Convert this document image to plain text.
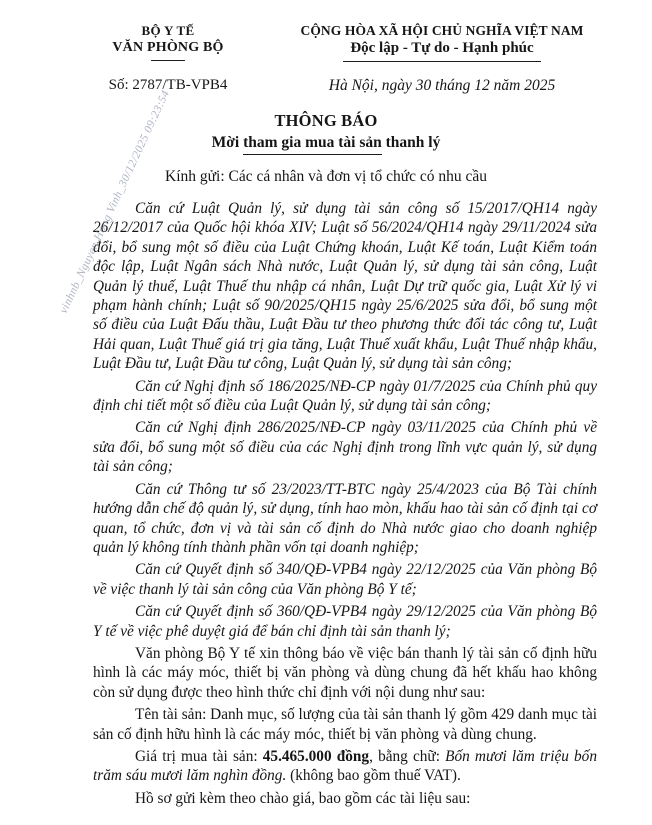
vinhnb_Nguyen Hong Vinh_30/12/2025 09:23:54
BỘ Y TẾ
VĂN PHÒNG BỘ
Số: 2787/TB-VPB4
CỘNG HÒA XÃ HỘI CHỦ NGHĨA VIỆT NAM
Độc lập - Tự do - Hạnh phúc
Hà Nội, ngày 30 tháng 12 năm 2025
THÔNG BÁO
Mời tham gia mua tài sản thanh lý
Kính gửi: Các cá nhân và đơn vị tổ chức có nhu cầu

Căn cứ Luật Quản lý, sử dụng tài sản công số 15/2017/QH14 ngày 26/12/2017 của Quốc hội khóa XIV; Luật số 56/2024/QH14 ngày 29/11/2024 sửa đổi, bổ sung một số điều của Luật Chứng khoán, Luật Kế toán, Luật Kiểm toán độc lập, Luật Ngân sách Nhà nước, Luật Quản lý, sử dụng tài sản công, Luật Quản lý thuế, Luật Thuế thu nhập cá nhân, Luật Dự trữ quốc gia, Luật Xử lý vi phạm hành chính; Luật số 90/2025/QH15 ngày 25/6/2025 sửa đổi, bổ sung một số điều của Luật Đấu thầu, Luật Đầu tư theo phương thức đối tác công tư, Luật Hải quan, Luật Thuế giá trị gia tăng, Luật Thuế xuất khẩu, Luật Thuế nhập khẩu, Luật Đầu tư, Luật Đầu tư công, Luật Quản lý, sử dụng tài sản công;

Căn cứ Nghị định số 186/2025/NĐ-CP ngày 01/7/2025 của Chính phủ quy định chi tiết một số điều của Luật Quản lý, sử dụng tài sản công;

Căn cứ Nghị định 286/2025/NĐ-CP ngày 03/11/2025 của Chính phủ về sửa đổi, bổ sung một số điều của các Nghị định trong lĩnh vực quản lý, sử dụng tài sản công;

Căn cứ Thông tư số 23/2023/TT-BTC ngày 25/4/2023 của Bộ Tài chính hướng dẫn chế độ quản lý, sử dụng, tính hao mòn, khấu hao tài sản cố định tại cơ quan, tổ chức, đơn vị và tài sản cố định do Nhà nước giao cho doanh nghiệp quản lý không tính thành phần vốn tại doanh nghiệp;

Căn cứ Quyết định số 340/QĐ-VPB4 ngày 22/12/2025 của Văn phòng Bộ về việc thanh lý tài sản công của Văn phòng Bộ Y tế;

Căn cứ Quyết định số 360/QĐ-VPB4 ngày 29/12/2025 của Văn phòng Bộ Y tế về việc phê duyệt giá để bán chỉ định tài sản thanh lý;

Văn phòng Bộ Y tế xin thông báo về việc bán thanh lý tài sản cố định hữu hình là các máy móc, thiết bị văn phòng và dùng chung đã hết khấu hao không còn sử dụng được theo hình thức chỉ định với nội dung như sau:

Tên tài sản: Danh mục, số lượng của tài sản thanh lý gồm 429 danh mục tài sản cố định hữu hình là các máy móc, thiết bị văn phòng và dùng chung.

Giá trị mua tài sản: 45.465.000 đồng, bằng chữ: Bốn mươi lăm triệu bốn trăm sáu mươi lăm nghìn đồng. (không bao gồm thuế VAT).

Hồ sơ gửi kèm theo chào giá, bao gồm các tài liệu sau:
